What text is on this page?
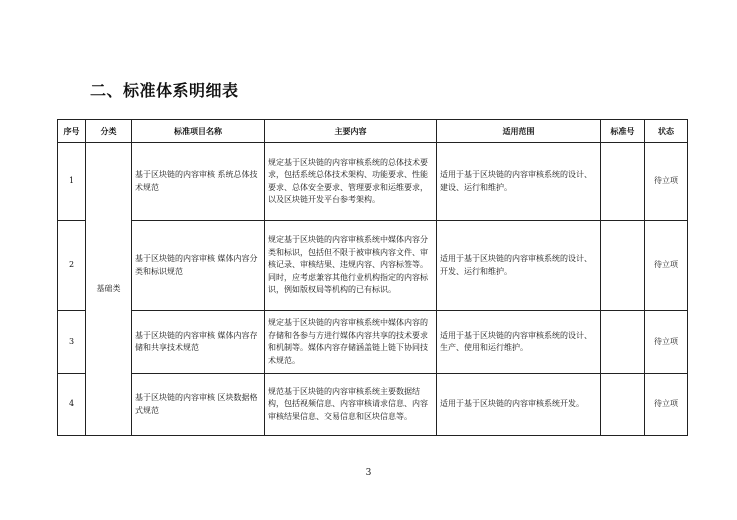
二、标准体系明细表
序号	分类	标准项目名称	主要内容	适用范围	标准号	状态
1	基础类	基于区块链的内容审核 系统总体技术规范	规定基于区块链的内容审核系统的总体技术要求，包括系统总体技术架构、功能要求、性能要求、总体安全要求、管理要求和运维要求，以及区块链开发平台参考架构。	适用于基于区块链的内容审核系统的设计、建设、运行和维护。		待立项
2		基于区块链的内容审核 媒体内容分类和标识规范	规定基于区块链的内容审核系统中媒体内容分类和标识，包括但不限于被审核内容文件、审核记录、审核结果、违规内容、内容标签等。同时，应考虑兼容其他行业机构指定的内容标识，例如版权局等机构的已有标识。	适用于基于区块链的内容审核系统的设计、开发、运行和维护。		待立项
3		基于区块链的内容审核 媒体内容存储和共享技术规范	规定基于区块链的内容审核系统中媒体内容的存储和各参与方进行媒体内容共享的技术要求和机制等。媒体内容存储涵盖链上链下协同技术规范。	适用于基于区块链的内容审核系统的设计、生产、使用和运行维护。		待立项
4		基于区块链的内容审核 区块数据格式规范	规范基于区块链的内容审核系统主要数据结构，包括视频信息、内容审核请求信息、内容审核结果信息、交易信息和区块信息等。	适用于基于区块链的内容审核系统开发。		待立项
3
